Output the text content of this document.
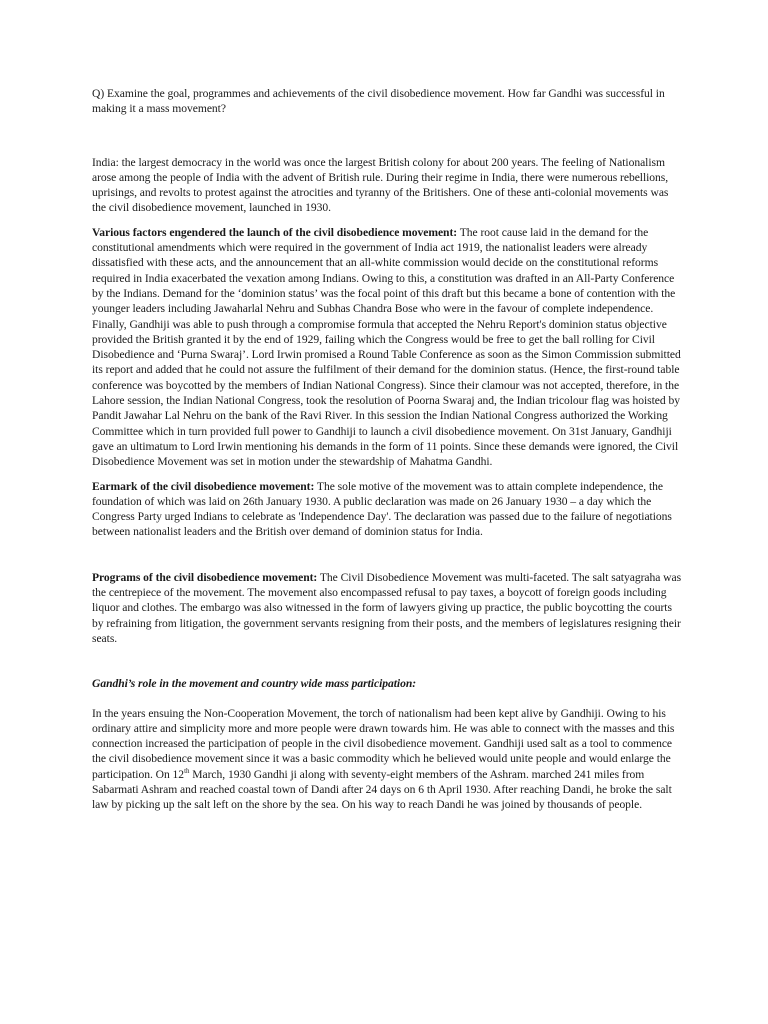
Q) Examine the goal, programmes and achievements of the civil disobedience movement. How far Gandhi was successful in making it a mass movement?

India: the largest democracy in the world was once the largest British colony for about 200 years. The feeling of Nationalism arose among the people of India with the advent of British rule. During their regime in India, there were numerous rebellions, uprisings, and revolts to protest against the atrocities and tyranny of the Britishers. One of these anti-colonial movements was the civil disobedience movement, launched in 1930.

Various factors engendered the launch of the civil disobedience movement: The root cause laid in the demand for the constitutional amendments which were required in the government of India act 1919, the nationalist leaders were already dissatisfied with these acts, and the announcement that an all-white commission would decide on the constitutional reforms required in India exacerbated the vexation among Indians. Owing to this, a constitution was drafted in an All-Party Conference by the Indians. Demand for the ‘dominion status’ was the focal point of this draft but this became a bone of contention with the younger leaders including Jawaharlal Nehru and Subhas Chandra Bose who were in the favour of complete independence. Finally, Gandhiji was able to push through a compromise formula that accepted the Nehru Report's dominion status objective provided the British granted it by the end of 1929, failing which the Congress would be free to get the ball rolling for Civil Disobedience and ‘Purna Swaraj’. Lord Irwin promised a Round Table Conference as soon as the Simon Commission submitted its report and added that he could not assure the fulfilment of their demand for the dominion status. (Hence, the first-round table conference was boycotted by the members of Indian National Congress). Since their clamour was not accepted, therefore, in the Lahore session, the Indian National Congress, took the resolution of Poorna Swaraj and, the Indian tricolour flag was hoisted by Pandit Jawahar Lal Nehru on the bank of the Ravi River. In this session the Indian National Congress authorized the Working Committee which in turn provided full power to Gandhiji to launch a civil disobedience movement. On 31st January, Gandhiji gave an ultimatum to Lord Irwin mentioning his demands in the form of 11 points. Since these demands were ignored, the Civil Disobedience Movement was set in motion under the stewardship of Mahatma Gandhi.

Earmark of the civil disobedience movement: The sole motive of the movement was to attain complete independence, the foundation of which was laid on 26th January 1930. A public declaration was made on 26 January 1930 – a day which the Congress Party urged Indians to celebrate as 'Independence Day'. The declaration was passed due to the failure of negotiations between nationalist leaders and the British over demand of dominion status for India.

Programs of the civil disobedience movement: The Civil Disobedience Movement was multi-faceted. The salt satyagraha was the centrepiece of the movement. The movement also encompassed refusal to pay taxes, a boycott of foreign goods including liquor and clothes. The embargo was also witnessed in the form of lawyers giving up practice, the public boycotting the courts by refraining from litigation, the government servants resigning from their posts, and the members of legislatures resigning their seats.

Gandhi’s role in the movement and country wide mass participation:

In the years ensuing the Non-Cooperation Movement, the torch of nationalism had been kept alive by Gandhiji. Owing to his ordinary attire and simplicity more and more people were drawn towards him. He was able to connect with the masses and this connection increased the participation of people in the civil disobedience movement. Gandhiji used salt as a tool to commence the civil disobedience movement since it was a basic commodity which he believed would unite people and would enlarge the participation. On 12th March, 1930 Gandhi ji along with seventy-eight members of the Ashram. marched 241 miles from Sabarmati Ashram and reached coastal town of Dandi after 24 days on 6 th April 1930. After reaching Dandi, he broke the salt law by picking up the salt left on the shore by the sea. On his way to reach Dandi he was joined by thousands of people.
